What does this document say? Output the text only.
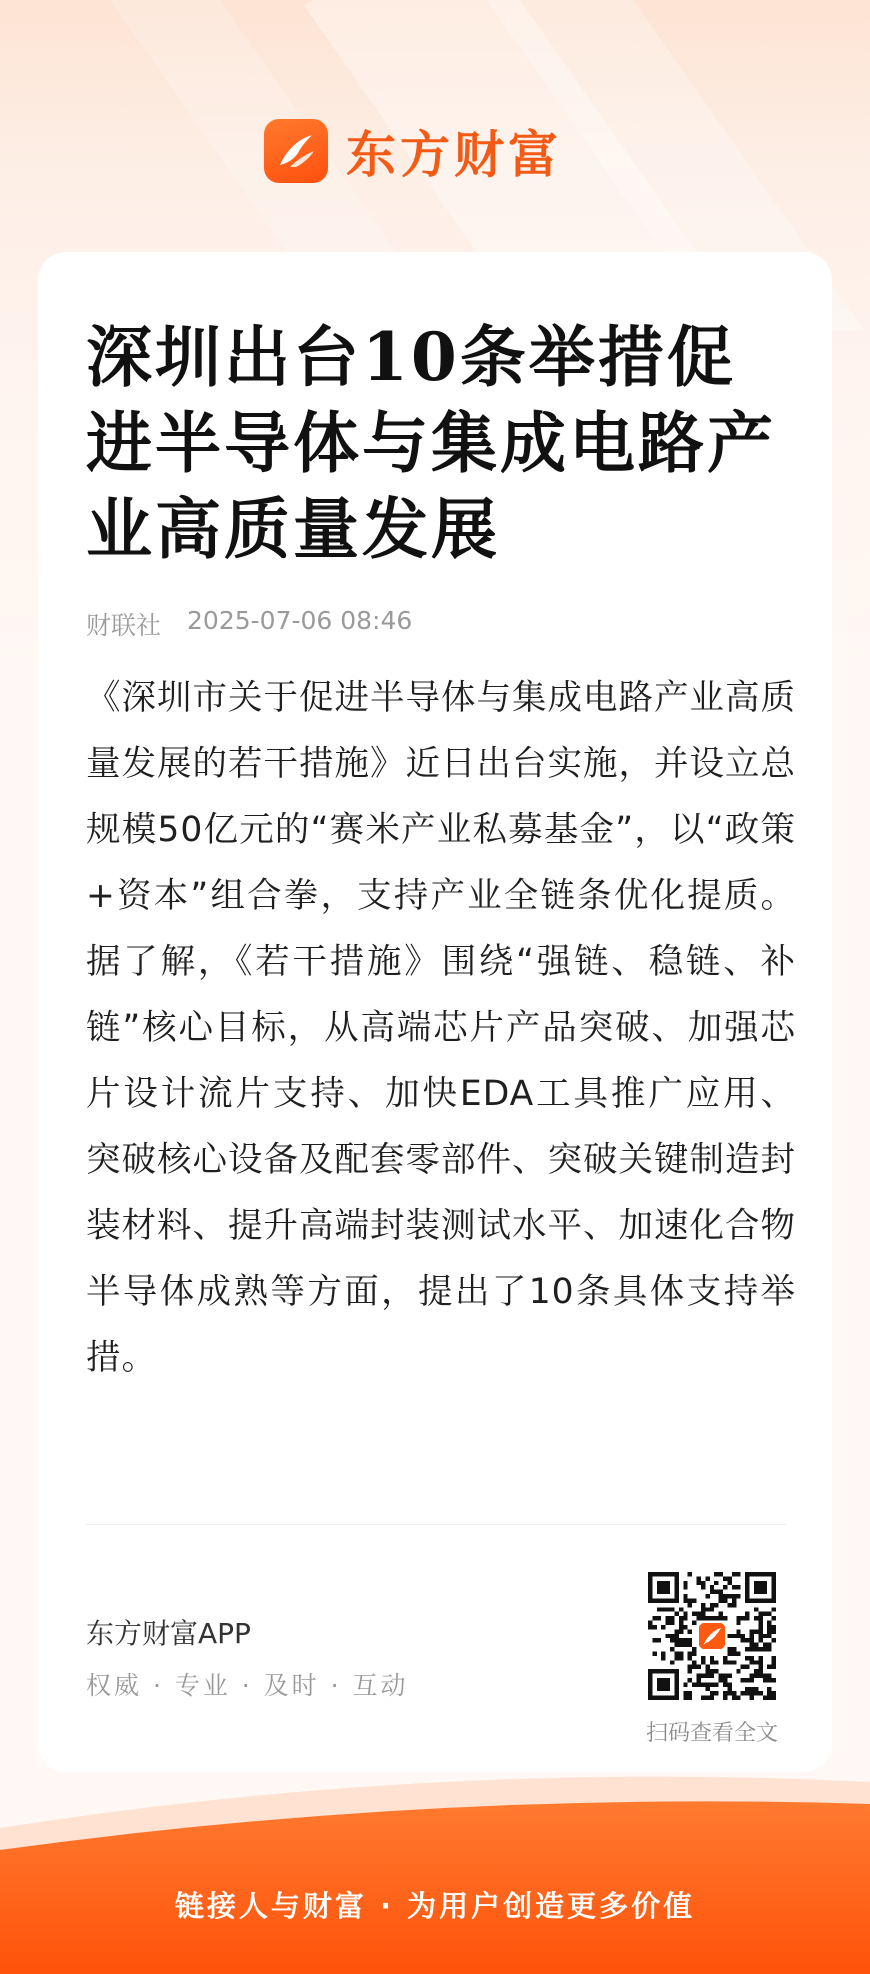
东方财富
深圳出台10条举措促进半导体与集成电路产业高质量发展
财联社 2025-07-06 08:46
《深圳市关于促进半导体与集成电路产业高质量发展的若干措施》近日出台实施，并设立总规模50亿元的“赛米产业私募基金”，以“政策+资本”组合拳，支持产业全链条优化提质。据了解，《若干措施》围绕“强链、稳链、补链”核心目标，从高端芯片产品突破、加强芯片设计流片支持、加快EDA工具推广应用、突破核心设备及配套零部件、突破关键制造封装材料、提升高端封装测试水平、加速化合物半导体成熟等方面，提出了10条具体支持举措。
东方财富APP
权威 · 专业 · 及时 · 互动
扫码查看全文
链接人与财富 · 为用户创造更多价值
